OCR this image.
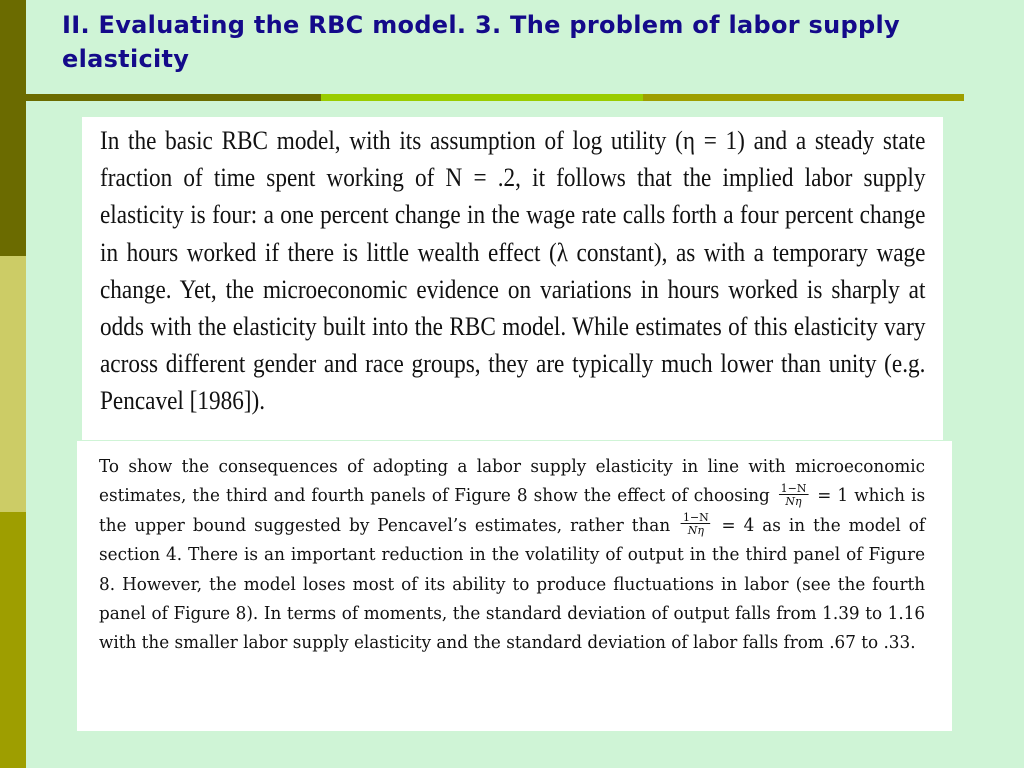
II. Evaluating the RBC model. 3. The problem of labor supply elasticity

In the basic RBC model, with its assumption of log utility (η = 1) and a steady state fraction of time spent working of N = .2, it follows that the implied labor supply elasticity is four: a one percent change in the wage rate calls forth a four percent change in hours worked if there is little wealth effect (λ constant), as with a temporary wage change. Yet, the microeconomic evidence on variations in hours worked is sharply at odds with the elasticity built into the RBC model. While estimates of this elasticity vary across different gender and race groups, they are typically much lower than unity (e.g. Pencavel [1986]).

To show the consequences of adopting a labor supply elasticity in line with microeconomic estimates, the third and fourth panels of Figure 8 show the effect of choosing $\frac{1-N}{N\eta} = 1$ which is the upper bound suggested by Pencavel’s estimates, rather than $\frac{1-N}{N\eta} = 4$ as in the model of section 4. There is an important reduction in the volatility of output in the third panel of Figure 8. However, the model loses most of its ability to produce fluctuations in labor (see the fourth panel of Figure 8). In terms of moments, the standard deviation of output falls from 1.39 to 1.16 with the smaller labor supply elasticity and the standard deviation of labor falls from .67 to .33.
